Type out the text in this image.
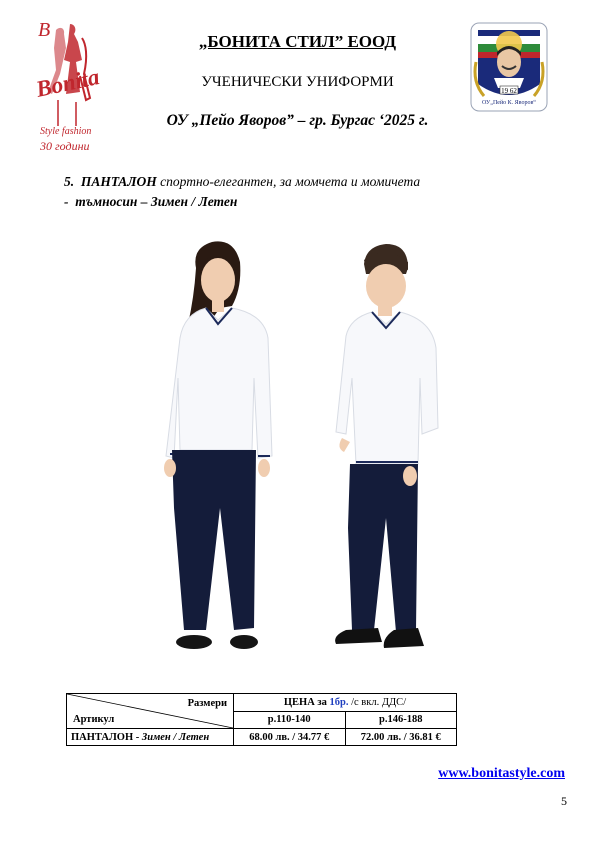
B
Bonita
Style fashion
30 години
19 62
ОУ„Пейо К. Яворов“
„БОНИТА СТИЛ” ЕООД
УЧЕНИЧЕСКИ УНИФОРМИ
ОУ „Пейо Яворов” – гр. Бургас ‘2025 г.
5. ПАНТАЛОН спортно-елегантен, за момчета и момичета
- тъмносин – Зимен / Летен
Размери
Артикул	ЦЕНА за 1бр. /с вкл. ДДС/	
	р.110-140	р.146-188
ПАНТАЛОН - Зимен / Летен	68.00 лв. / 34.77 €	72.00 лв. / 36.81 €
www.bonitastyle.com
5
